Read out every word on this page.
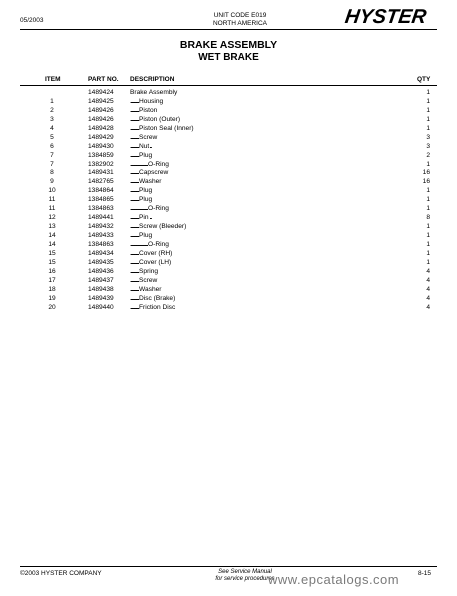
05/2003
UNIT CODE E019
NORTH AMERICA	HYSTER
BRAKE ASSEMBLY
WET BRAKE
ITEM	PART NO. DESCRIPTION	QTY
1489424 Brake Assembly . . .	1
1	1489425	Housing . . .	1
2	1489426	Piston . . .	1
3	1489426	Piston (Outer) . . .	1
4	1489428	Piston Seal (Inner) . . .	1
5	1489429	Screw . . .	3
6	1489430	Nut . . .	3
7	1384859	Plug . . .	2
7	1382902	O-Ring . . .	1
8	1489431	Capscrew . . .	16
9	1482765	Washer . . .	16
10	1384864	Plug . . .	1
11	1384865	Plug . . .	1
11	1384863	O-Ring . . .	1
12	1489441	Pin . . .	8
13	1489432	Screw (Bleeder) . . .	1
14	1489433	Plug . . .	1
14	1384863	O-Ring . . .	1
15	1489434	Cover (RH) . . .	1
15	1489435	Cover (LH) . . .	1
16	1489436	Spring . . .	4
17	1489437	Screw . . .	4
18	1489438	Washer . . .	4
19	1489439	Disc (Brake) . . .	4
20	1489440	Friction Disc . . .	4
©2003 HYSTER COMPANY	See Service Manual
for service procedures
www.epcatalogs.com	8-15
